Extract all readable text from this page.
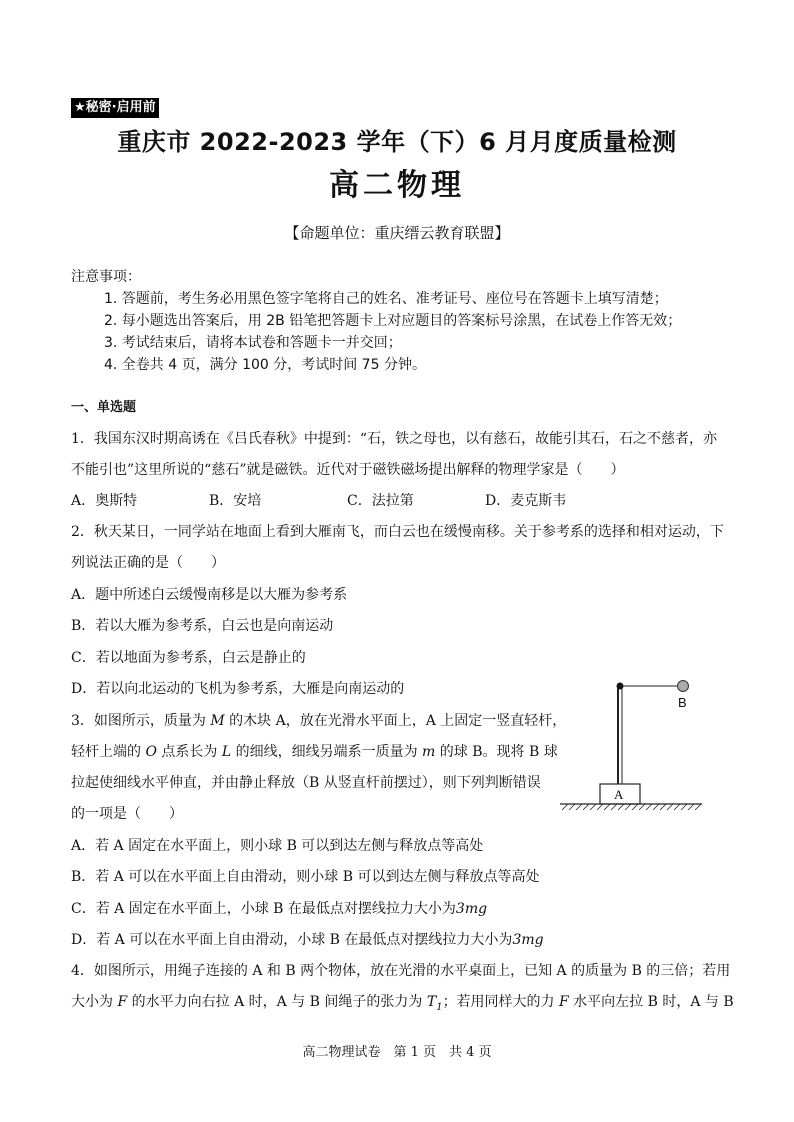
★秘密·启用前
重庆市 2022-2023 学年（下）6 月月度质量检测
高二物理
【命题单位：重庆缙云教育联盟】
注意事项：
1. 答题前，考生务必用黑色签字笔将自己的姓名、准考证号、座位号在答题卡上填写清楚；
2. 每小题选出答案后，用 2B 铅笔把答题卡上对应题目的答案标号涂黑，在试卷上作答无效；
3. 考试结束后，请将本试卷和答题卡一并交回；
4. 全卷共 4 页，满分 100 分，考试时间 75 分钟。
一、单选题
1．我国东汉时期高诱在《吕氏春秋》中提到：“石，铁之母也，以有慈石，故能引其石，石之不慈者，亦
不能引也”这里所说的“慈石”就是磁铁。近代对于磁铁磁场提出解释的物理学家是（　　）
A．奥斯特	B．安培	C．法拉第	D．麦克斯韦
2．秋天某日，一同学站在地面上看到大雁南飞，而白云也在缓慢南移。关于参考系的选择和相对运动，下
列说法正确的是（　　）
A．题中所述白云缓慢南移是以大雁为参考系
B．若以大雁为参考系，白云也是向南运动
C．若以地面为参考系，白云是静止的
D．若以向北运动的飞机为参考系，大雁是向南运动的
3．如图所示，质量为 M 的木块 A，放在光滑水平面上，A 上固定一竖直轻杆，
轻杆上端的 O 点系长为 L 的细线，细线另端系一质量为 m 的球 B。现将 B 球
拉起使细线水平伸直，并由静止释放（B 从竖直杆前摆过），则下列判断错误
的一项是（　　）
A．若 A 固定在水平面上，则小球 B 可以到达左侧与释放点等高处
B．若 A 可以在水平面上自由滑动，则小球 B 可以到达左侧与释放点等高处
C．若 A 固定在水平面上，小球 B 在最低点对摆线拉力大小为3mg
D．若 A 可以在水平面上自由滑动，小球 B 在最低点对摆线拉力大小为3mg
B
A
4．如图所示，用绳子连接的 A 和 B 两个物体，放在光滑的水平桌面上，已知 A 的质量为 B 的三倍；若用
大小为 F 的水平力向右拉 A 时，A 与 B 间绳子的张力为 $T_1$；若用同样大的力 F 水平向左拉 B 时，A 与 B
高二物理试卷　第 1 页　共 4 页
